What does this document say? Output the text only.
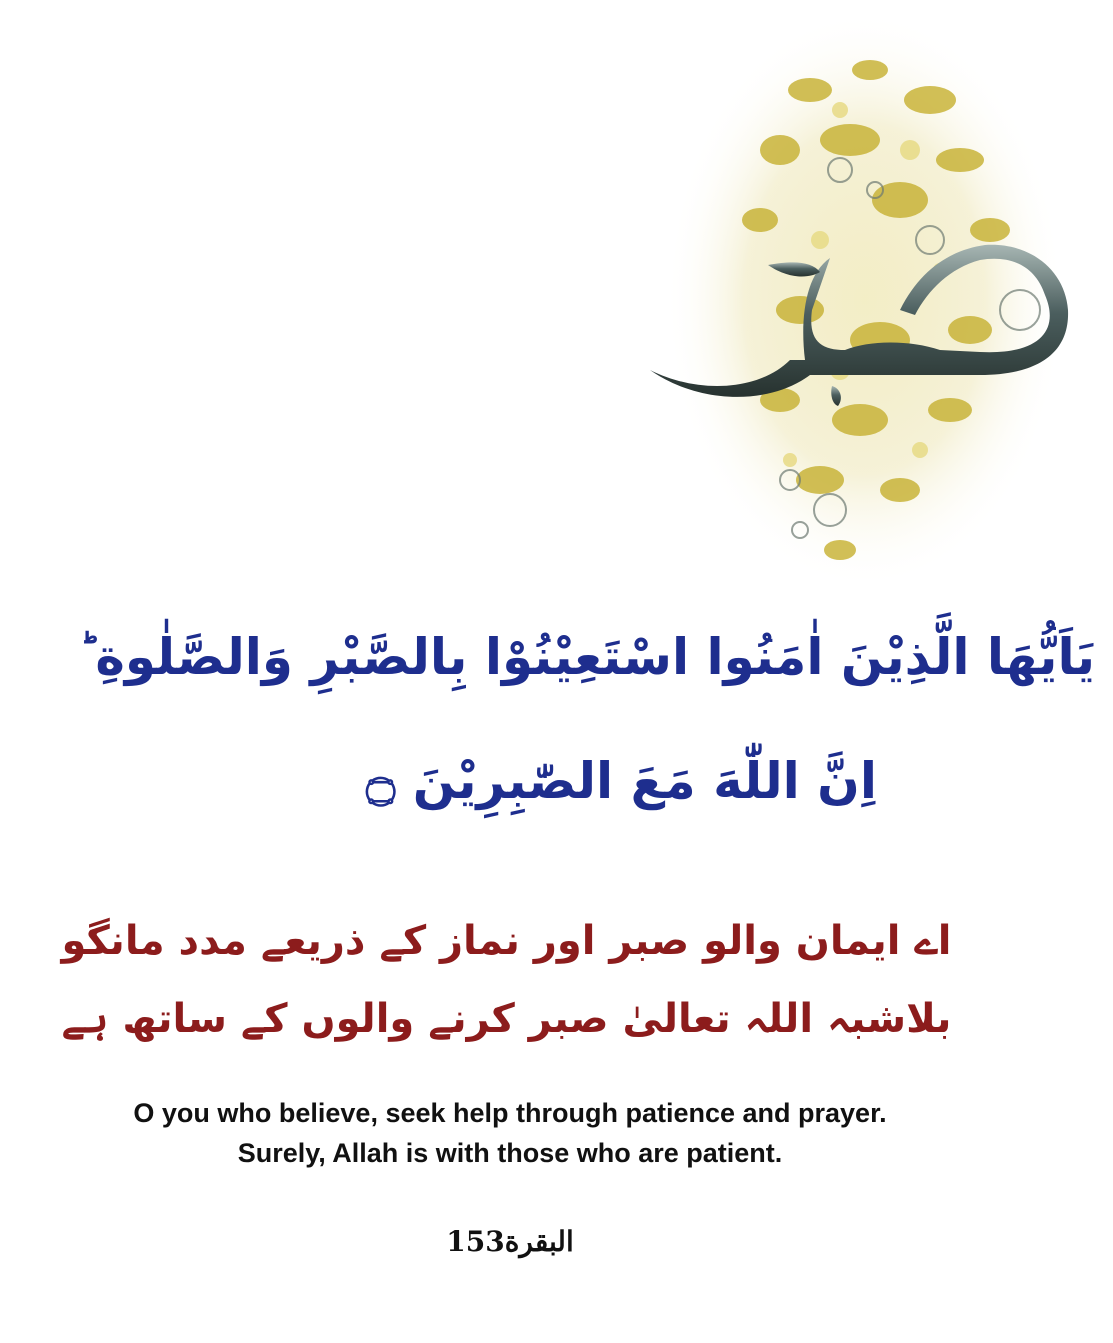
يَاَيُّهَا الَّذِيْنَ اٰمَنُوا اسْتَعِيْنُوْا بِالصَّبْرِ وَالصَّلٰوةِ ؕ
اِنَّ اللّٰهَ مَعَ الصّٰبِرِيْنَ ۝
اے ایمان والو صبر اور نماز کے ذریعے مدد مانگو
بلاشبہ اللہ تعالیٰ صبر کرنے والوں کے ساتھ ہے
O you who believe, seek help through patience and prayer.
Surely, Allah is with those who are patient.
البقرة153
